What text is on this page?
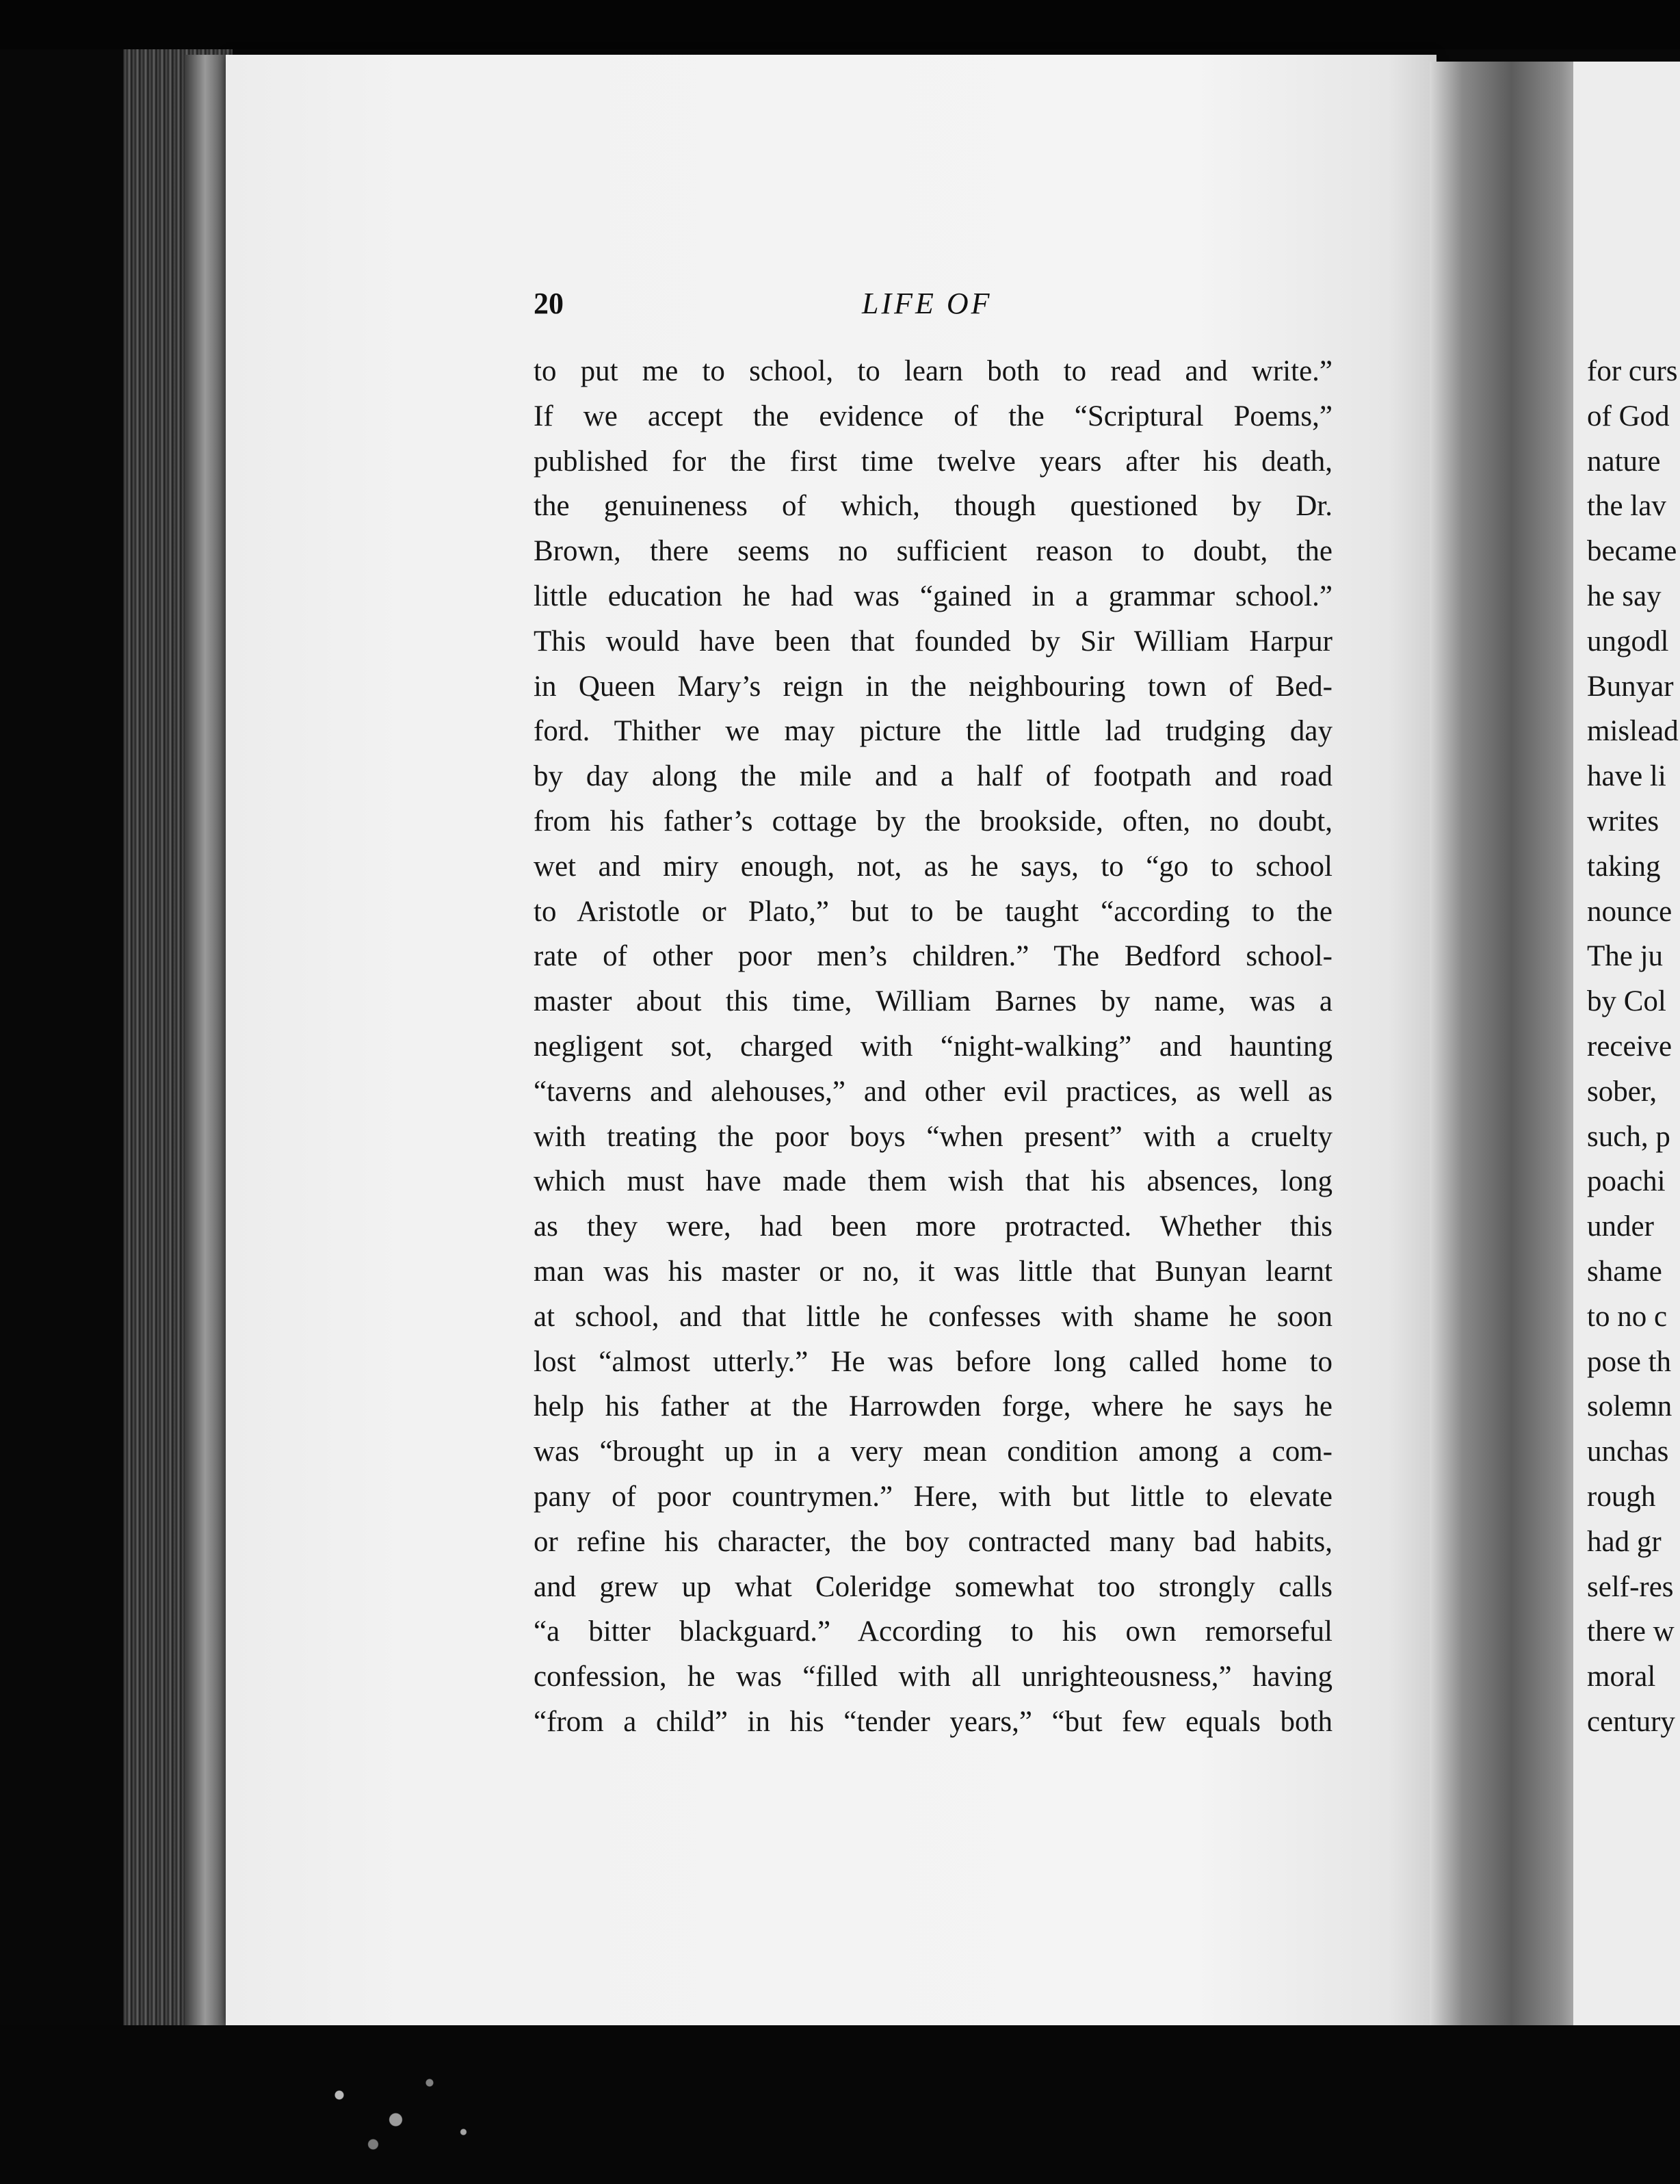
20	LIFE OF
to put me to school, to learn both to read and write.”
If we accept the evidence of the “Scriptural Poems,”
published for the first time twelve years after his death,
the genuineness of which, though questioned by Dr.
Brown, there seems no sufficient reason to doubt, the
little education he had was “gained in a grammar school.”
This would have been that founded by Sir William Harpur
in Queen Mary’s reign in the neighbouring town of Bed-
ford. Thither we may picture the little lad trudging day
by day along the mile and a half of footpath and road
from his father’s cottage by the brookside, often, no doubt,
wet and miry enough, not, as he says, to “go to school
to Aristotle or Plato,” but to be taught “according to the
rate of other poor men’s children.” The Bedford school-
master about this time, William Barnes by name, was a
negligent sot, charged with “night-walking” and haunting
“taverns and alehouses,” and other evil practices, as well as
with treating the poor boys “when present” with a cruelty
which must have made them wish that his absences, long
as they were, had been more protracted. Whether this
man was his master or no, it was little that Bunyan learnt
at school, and that little he confesses with shame he soon
lost “almost utterly.” He was before long called home to
help his father at the Harrowden forge, where he says he
was “brought up in a very mean condition among a com-
pany of poor countrymen.” Here, with but little to elevate
or refine his character, the boy contracted many bad habits,
and grew up what Coleridge somewhat too strongly calls
“a bitter blackguard.” According to his own remorseful
confession, he was “filled with all unrighteousness,” having
“from a child” in his “tender years,” “but few equals both
for curs
of God
nature
the lav
became
he say
ungodl
Bunyar
mislead
have li
writes
taking
nounce
The ju
by Col
receive
sober,
such, p
poachi
under
shame
to no c
pose th
solemn
unchas
rough
had gr
self-res
there w
moral
century
